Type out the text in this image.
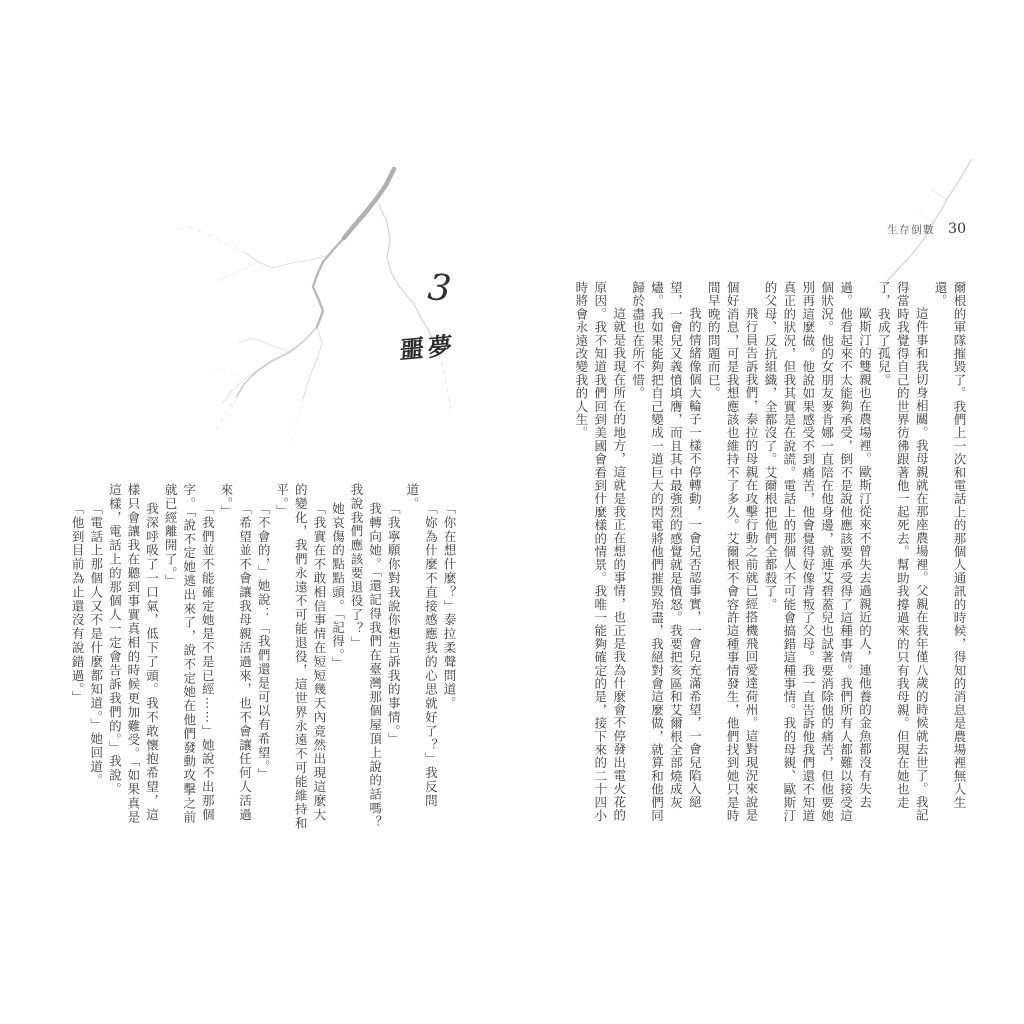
生存倒數 30
3
噩夢	爾根的軍隊摧毀了。我們上一次和電話上的那個人通訊的時候，得知的消息是農場裡無人生還。

這件事和我切身相關。我母親就在那座農場裡。父親在我年僅八歲的時候就去世了。我記得當時我覺得自己的世界彷彿跟著他一起死去。幫助我撐過來的只有我母親。但現在她也走了，我成了孤兒。

歐斯汀的雙親也在農場裡。歐斯汀從來不曾失去過親近的人，連他養的金魚都沒有失去過。他看起來不太能夠承受，倒不是說他應該要承受得了這種事情。我們所有人都難以接受這個狀況。他的女朋友麥肯娜一直陪在他身邊，就連艾碧蓋兒也試著要消除他的痛苦，但他要她別再這麼做。他說如果感受不到痛苦，他會覺得好像背叛了父母。我一直告訴他我們還不知道真正的狀況，但我其實是在說謊。電話上的那個人不可能會搞錯這種事情。我的母親、歐斯汀的父母、反抗組織，全都沒了。艾爾根把他們全都殺了。

飛行員告訴我們，泰拉的母親在攻擊行動之前就已經搭機飛回愛達荷州。這對現況來說是個好消息，可是我想應該也維持不了多久。艾爾根不會容許這種事情發生，他們找到她只是時間早晚的問題而已。

我的情緒像個大輪子一樣不停轉動，一會兒否認事實，一會兒充滿希望，一會兒陷入絕望，一會兒又義憤填膺，而且其中最強烈的感覺就是憤怒。我要把亥區和艾爾根全部燒成灰燼。我如果能夠把自己變成一道巨大的閃電將他們摧毀殆盡，我絕對會這麼做，就算和他們同歸於盡也在所不惜。

這就是我現在所在的地方，這就是我正在想的事情，也正是我為什麼會不停發出電火花的原因。我不知道我們回到美國會看到什麼樣的情景。我唯一能夠確定的是，接下來的二十四小時將會永遠改變我的人生。

「你在想什麼？」泰拉柔聲問道。

「妳為什麼不直接感應我的心思就好了？」我反問道。

「我寧願你對我說你想告訴我的事情。」

我轉向她。「還記得我們在臺灣那個屋頂上說的話嗎？我說我們應該要退役了？」

她哀傷的點點頭。「記得。」

「我實在不敢相信事情在短短幾天內竟然出現這麼大的變化，我們永遠不可能退役，這世界永遠不可能維持和平。」

「不會的，」她說：「我們還是可以有希望。」

「希望並不會讓我母親活過來，也不會讓任何人活過來。」

「我們並不能確定她是不是已經⋯⋯」她說不出那個字。「說不定她逃出來了，說不定她在他們發動攻擊之前就已經離開了。」

我深呼吸了一口氣，低下了頭。我不敢懷抱希望，這樣只會讓我在聽到事實真相的時候更加難受。「如果真是這樣，電話上的那個人一定會告訴我們的。」我說。

「電話上那個人又不是什麼都知道。」她回道。

「他到目前為止還沒有說錯過。」
